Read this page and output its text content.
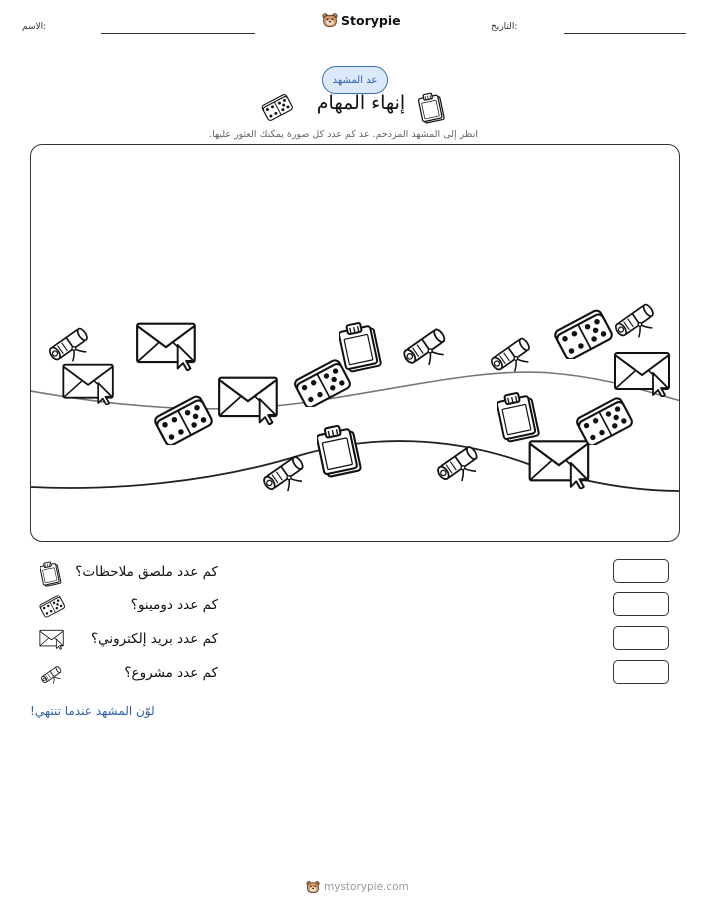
الاسم:	Storypie	التاريخ:
عد المشهد
إنهاء المهام
انظر إلى المشهد المزدحم. عد كم عدد كل صورة يمكنك العثور عليها.
كم عدد ملصق ملاحظات؟
كم عدد دومينو؟
كم عدد بريد إلكتروني؟
كم عدد مشروع؟
لوّن المشهد عندما تنتهي!
mystorypie.com
